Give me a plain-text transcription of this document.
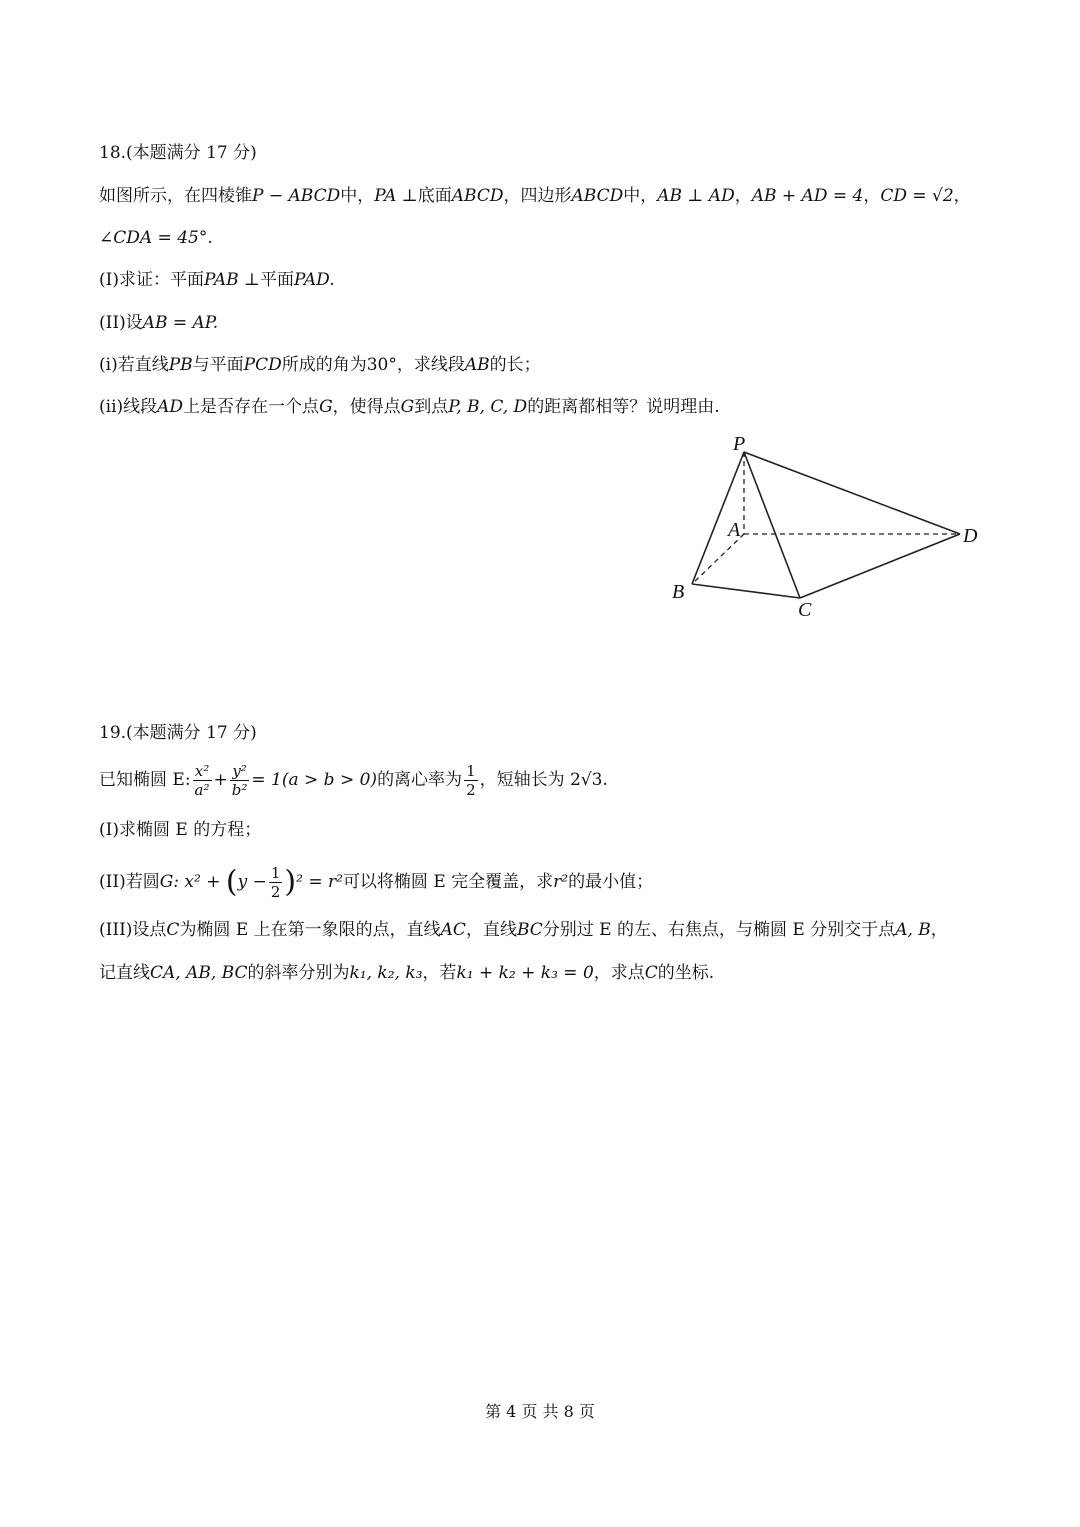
18.(本题满分 17 分)
如图所示，在四棱锥P − ABCD中，PA ⊥底面ABCD，四边形ABCD中，AB ⊥ AD，AB + AD = 4，CD = √2，
∠CDA = 45°.
(I)求证：平面PAB ⊥平面PAD.
(II)设AB = AP.
(i)若直线PB与平面PCD所成的角为30°，求线段AB的长；
(ii)线段AD上是否存在一个点G，使得点G到点P, B, C, D的距离都相等？说明理由.
P
A
B
C
D
19.(本题满分 17 分)
已知椭圆 E: $\frac{\text{x²}}{\text{a²}} + \frac{\text{y²}}{\text{b²}} = 1(a > b > 0)$的离心率为 $\frac{1}{2}$ ，短轴长为 2√3.
(I)求椭圆 E 的方程；
(II)若圆G: $x^2 + (y - \frac{1}{2} )^2 = r^2$可以将椭圆 E 完全覆盖，求r²的最小值；
(III)设点C为椭圆 E 上在第一象限的点，直线AC，直线BC分别过 E 的左、右焦点，与椭圆 E 分别交于点A, B，
记直线CA, AB, BC的斜率分别为k₁, k₂, k₃，若k₁ + k₂ + k₃ = 0，求点C的坐标.
第 4 页 共 8 页
